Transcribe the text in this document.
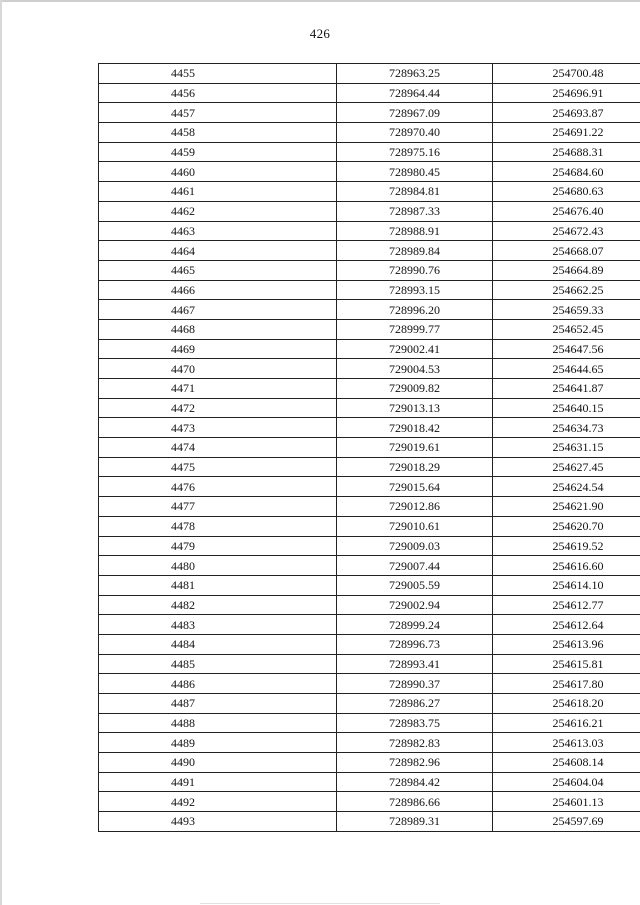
426
4455	728963.25	254700.48
4456	728964.44	254696.91
4457	728967.09	254693.87
4458	728970.40	254691.22
4459	728975.16	254688.31
4460	728980.45	254684.60
4461	728984.81	254680.63
4462	728987.33	254676.40
4463	728988.91	254672.43
4464	728989.84	254668.07
4465	728990.76	254664.89
4466	728993.15	254662.25
4467	728996.20	254659.33
4468	728999.77	254652.45
4469	729002.41	254647.56
4470	729004.53	254644.65
4471	729009.82	254641.87
4472	729013.13	254640.15
4473	729018.42	254634.73
4474	729019.61	254631.15
4475	729018.29	254627.45
4476	729015.64	254624.54
4477	729012.86	254621.90
4478	729010.61	254620.70
4479	729009.03	254619.52
4480	729007.44	254616.60
4481	729005.59	254614.10
4482	729002.94	254612.77
4483	728999.24	254612.64
4484	728996.73	254613.96
4485	728993.41	254615.81
4486	728990.37	254617.80
4487	728986.27	254618.20
4488	728983.75	254616.21
4489	728982.83	254613.03
4490	728982.96	254608.14
4491	728984.42	254604.04
4492	728986.66	254601.13
4493	728989.31	254597.69
